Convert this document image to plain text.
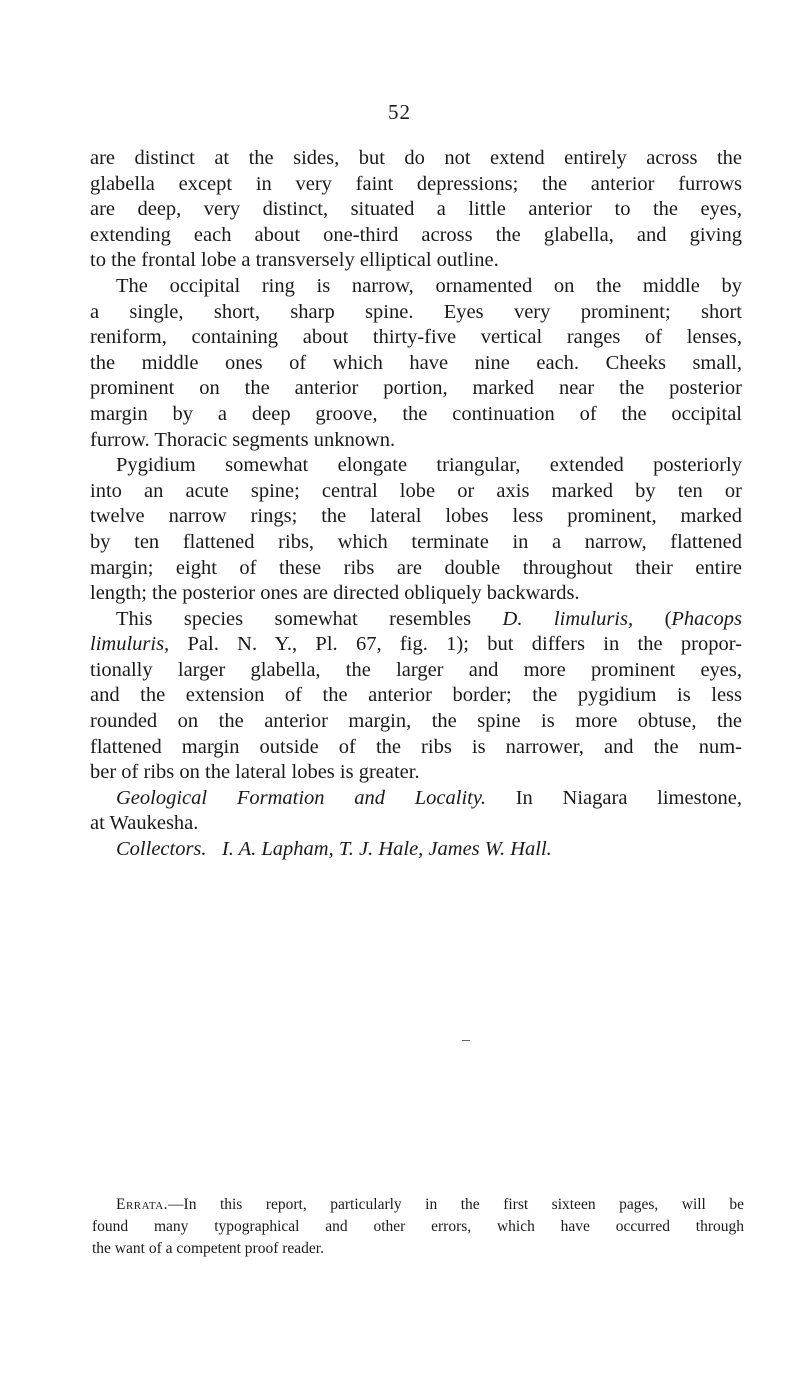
52
are distinct at the sides, but do not extend entirely across the
glabella except in very faint depressions; the anterior furrows
are deep, very distinct, situated a little anterior to the eyes,
extending each about one-third across the glabella, and giving
to the frontal lobe a transversely elliptical outline.
The occipital ring is narrow, ornamented on the middle by
a single, short, sharp spine. Eyes very prominent; short
reniform, containing about thirty-five vertical ranges of lenses,
the middle ones of which have nine each. Cheeks small,
prominent on the anterior portion, marked near the posterior
margin by a deep groove, the continuation of the occipital
furrow. Thoracic segments unknown.
Pygidium somewhat elongate triangular, extended posteriorly
into an acute spine; central lobe or axis marked by ten or
twelve narrow rings; the lateral lobes less prominent, marked
by ten flattened ribs, which terminate in a narrow, flattened
margin; eight of these ribs are double throughout their entire
length; the posterior ones are directed obliquely backwards.
This species somewhat resembles D. limuluris, (Phacops
limuluris, Pal. N. Y., Pl. 67, fig. 1); but differs in the propor-
tionally larger glabella, the larger and more prominent eyes,
and the extension of the anterior border; the pygidium is less
rounded on the anterior margin, the spine is more obtuse, the
flattened margin outside of the ribs is narrower, and the num-
ber of ribs on the lateral lobes is greater.
Geological Formation and Locality. In Niagara limestone,
at Waukesha.
Collectors. I. A. Lapham, T. J. Hale, James W. Hall.
Errata.—In this report, particularly in the first sixteen pages, will be
found many typographical and other errors, which have occurred through
the want of a competent proof reader.
